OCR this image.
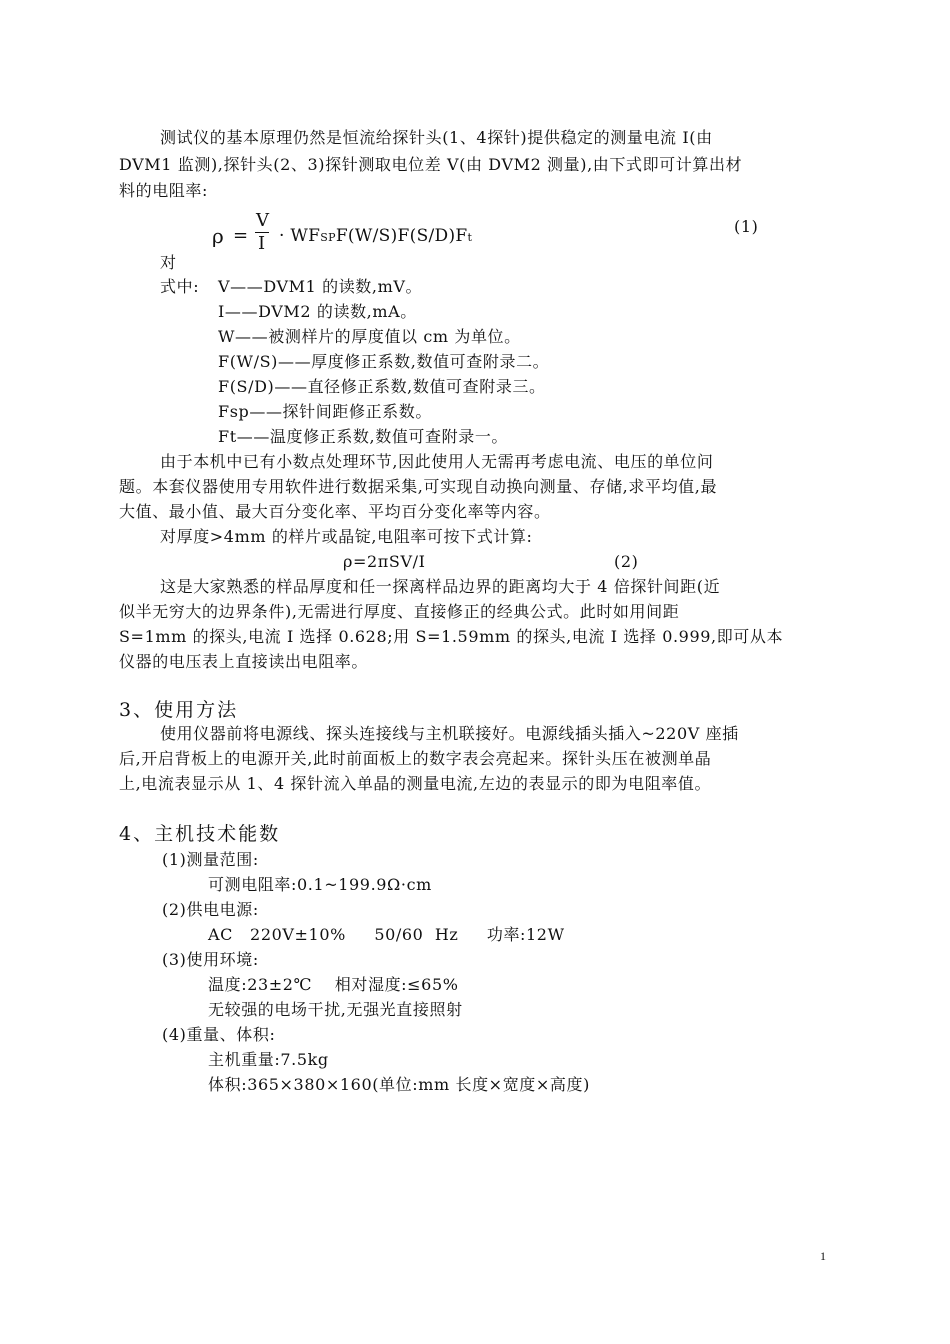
测试仪的基本原理仍然是恒流给探针头(1、4探针)提供稳定的测量电流 I(由
DVM1 监测),探针头(2、3)探针测取电位差 V(由 DVM2 测量),由下式即可计算出材
料的电阻率:
ρ =
V
I · WFSPF(W/S)F(S/D)Ft
(1)
对
式中: V——DVM1 的读数,mV。
I——DVM2 的读数,mA。
W——被测样片的厚度值以 cm 为单位。
F(W/S)——厚度修正系数,数值可查附录二。
F(S/D)——直径修正系数,数值可查附录三。
Fsp——探针间距修正系数。
Ft——温度修正系数,数值可查附录一。
由于本机中已有小数点处理环节,因此使用人无需再考虑电流、电压的单位问
题。本套仪器使用专用软件进行数据采集,可实现自动换向测量、存储,求平均值,最
大值、最小值、最大百分变化率、平均百分变化率等内容。
对厚度>4mm 的样片或晶锭,电阻率可按下式计算:
ρ=2πSV/I	(2)
这是大家熟悉的样品厚度和任一探离样品边界的距离均大于 4 倍探针间距(近
似半无穷大的边界条件),无需进行厚度、直接修正的经典公式。此时如用间距
S=1mm 的探头,电流 I 选择 0.628;用 S=1.59mm 的探头,电流 I 选择 0.999,即可从本
仪器的电压表上直接读出电阻率。
3、使用方法
使用仪器前将电源线、探头连接线与主机联接好。电源线插头插入~220V 座插
后,开启背板上的电源开关,此时前面板上的数字表会亮起来。探针头压在被测单晶
上,电流表显示从 1、4 探针流入单晶的测量电流,左边的表显示的即为电阻率值。
4、主机技术能数
(1)测量范围:
可测电阻率:0.1~199.9Ω·cm
(2)供电电源:
AC   220V±10%     50/60  Hz     功率:12W
(3)使用环境:
温度:23±2℃    相对湿度:≤65%
无较强的电场干扰,无强光直接照射
(4)重量、体积:
主机重量:7.5kg
体积:365×380×160(单位:mm 长度×宽度×高度)
1
